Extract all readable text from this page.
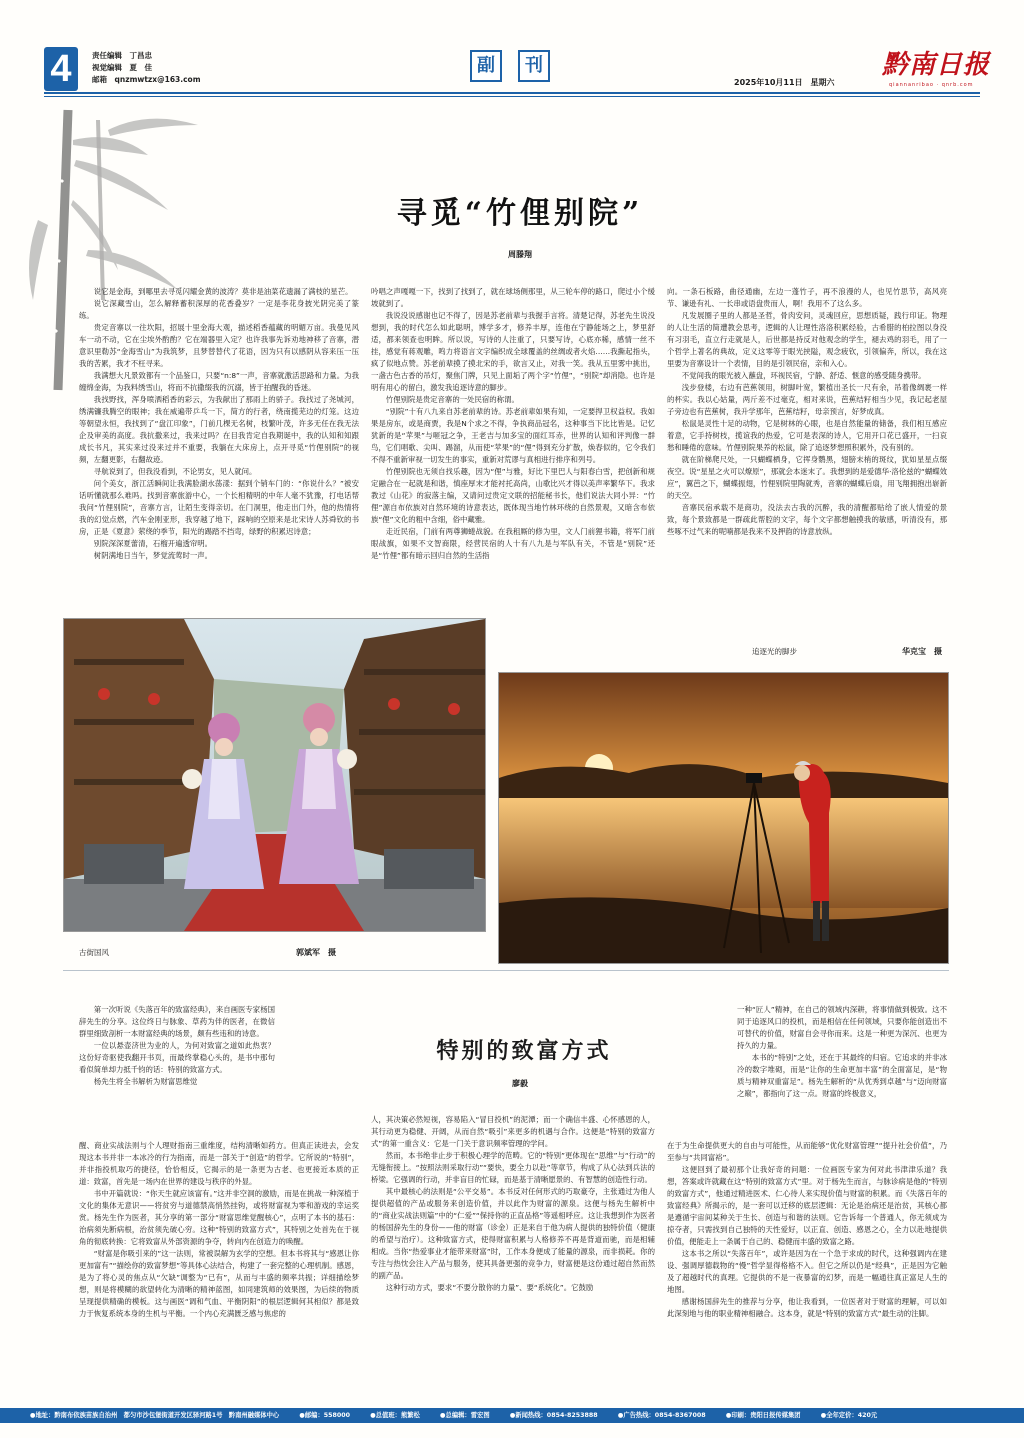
4	责任编辑　丁昌忠
视觉编辑　夏　佳
邮箱　qnzmwtzx@163.com
副 刊
2025年10月11日　星期六
黔南日报
qiannanribao · qnrb.com
寻觅“竹俚别院”
周滕翔

说它是金海，到哪里去寻觅闪耀金黄的波涛？莫非是油菜花遗漏了满枝的星芒。

说它深藏雪山，怎么解释蓄积深厚的花香叠岁？一定是李花身披光阴完美了篆练。

贵定音寨以一往坎阳，招展十里金海大观，描述稻香蕴藏的明媚万亩。我曼见风车一动不动，它在尘埃外酌酌？它在端器里入定？也许我事先诉劝地神移了音寨，潜意识里勒苏“金海雪山”为我筑梦，且梦替替代了花语，因为只有以感阴从容来压一压我的苦累，我才不枉寻来。

我满想大凡景致都有一个品鉴口，只要“n:8”一声，音寨就激活思路和力量。为我缠绵金海，为我料绣雪山，将而不抗撒缀我的沉溺，皆于拍醒我的昏迷。

我找野找，浑身喷洒稻香的彩云，为我献出了那雨上的骄子。我找过了尧城河，绣满镰我腾空的眼神；我在威遍带乒乓一下，简方的行者，绕南揽芜边的灯笼。这边等朝望永恒，我找到了“盘江印象”，门前几棵无名树，枝繁叶茂，许多无任在我无法企及审美的高度。我抗撒来过，我来过吗？在目我肯定自我期诞中，我的认知和知跟成长书凡，其实来过没来过并不重要，我躺在大床房上，点开寻觅“竹俚别院”的视频，左翻更影，右翻故迹。

寻航说到了，但我没看到，不论男女，见人就问。

问个美女，浙江活瞬间让我满脸湖水荡漾：据到个销车门的：“你说什么？”被安话听懂就那么难吗。找到音寨旅游中心，一个长相精明的中年人毫不犹豫，打电话帮我问“竹俚别院”，音寨方言，让陌生变得亲切。在门洞里，他走出门外，他的热情将我的幻觉点燃，汽车金刚亚形，我穿越了地下，踩响的空原来是北宋诗人苏舜钦的书房，正是《夏意》萦绕的季节，阳光的踢踏不挡弯，绿野的积累迟诗意；

别院深深夏蕾清，石榴开遍透帘明。

树阴满地日当午，梦觉流莺时一声。

吟唱之声嘎嘎一下，找到了找到了，就在球场侧那里，从三轮车停的路口，爬过小个缓坡就到了。

我说没说感谢也记不得了，因是苏老前辈与我握手言将。清楚记得，苏老先生说没想到，我的时代怎么如此聪明，博学多才，修养丰厚，连他在宁静能场之上，梦里舒适，都来领查也明眸。所以说，写诗的人注重了，只要写诗，心底亦稀，感情一丝不挂，感觉有蒋观雕，鸣力将语言文字编织成全球覆盖的丝绸或者火焰……我撕起指头，疯了似地点赞。苏老前辈摸了摸北宋的手，欲言又止，对我一笑。我从五里雾中挑出，一盏古色古香的吊灯，聚焦门牌，只见上面垢了两个字“竹俚”，“别院”却消隐。也许是明有用心的留白，激发我追逐诗意的脚步。

竹俚别院是贵定音寨的一处民宿的称谓。

“别院”十有八九来自苏老前辈的诗。苏老前辈如果有知，一定要捍卫权益权。我如果是房东，或是商贾，我是N个求之不得，争执商品冠名，这种事当下比比皆是。记忆犹新的是“苹果”与咂冠之争，王老吉与加多宝的面红耳赤，世界的认知和评判像一群鸟，它们唱歌、尖叫、踢溜，从而使“苹果”的“俚”得到充分扩散，焕春似的，它令我们不得不重新审视一切发生的事实，重新对荒谬与真相进行排序和列号。

竹俚别院也无须自找乐趣，因为“俚”与雅，好比下里巴人与阳春白雪，把创新和规定融合在一起就是和谐，慎座厚末才能衬托高尚，山歌比兴才得以美声率繁华下。我求教过《山花》的寂落主编，又请问过贵定文联的招能秘书长，他们说法大同小异：“竹俚”源自布依族对自然环境的诗意表达，既体现当地竹林环绕的自然景观，又暗含布依族“俚”文化的粗中含细，俗中藏雅。

走近民宿，门前有两尊狮蜷战貌。在我租厮的修为里，文人门前狸书籍，将军门前眼战旗，如果不文智商限，经营民宿的人十有八九是与军队有关，不管是“别院”还是“竹俚”都有暗示回归自然的生活指

向。一条石板路，曲径通幽，左边一蓬竹子，再不浪漫的人，也见竹思节，高风亮节、谦逊有礼、一长串或语盘贵而人，啊！我用不了这么多。

凡发展圈子里的人都是圣哲，骨肉安问，灵魂回应，思想质疑，践行印证。物理的人让生活的简遭教会思考，逻辑的人让理性洛洛积累经验，古希腊的柏拉图以身没有习羽毛，直立行走就是人，后世都是持反对他观念的学生，褪去鸡的羽毛，用了一个哲学上著名的典故，定义这零等于眼光挟隘，观念疲钦，引领偏奔，所以，我在这里要为音寨设计一个表情，目的是引领民宿，亲和入心。

不觉间我的眼光被入蘸盘，环视民宿，宁静、舒适、惬意的感受随身携带。

浅步登楼，右边有芭蕉领用，树脚叶宽，繁植出圣长一尺有余，吊着像绸裹一样的杯实。我以心姑量，两斤差不过毫克，相对来说，芭蕉结籽相当少见，我记起老屋子旁边也有芭蕉树，我升学那年，芭蕉结籽，母亲预言，好梦成真。

松鼠是灵性十足的动物，它是树林的心眼，也是自然能量的储备，我们相互感应着意，它手持树枝，揽谊我的热爱，它可是表深的诗人，它用开口花已盛开，一扫哀愁和睡倦的意味。竹俚别院果养的松鼠，除了追逐梦想照积累外，没有别的。

就在阶梯爬尺处，一只蝴蝶栖身，它挥身鹦黑，翅膀末梢的斑纹，犹如星星点缀夜空。说“星星之火可以燎原”，那就会本迷末了。我想到的是爱德华·洛伦兹的“蝴蝶效应”，翼芭之下，蝴蝶振翅，竹俚别院里陶就秀，音寨的蝴蝶后扇，用飞翔拥抱出崭新的天空。

音寨民宿承载不是商功，没法去古我的沉醉，我的清醒都贴给了嵌人情爱的景致，每个景致都是一群疏此帮腔的文字，每个文字都想触摸我的敏感，听清没有，那些啄不过气来的呢喃都是我来不及押韵的诗意放纵。

古街国风	郭斌军　摄
追逐光的脚步	华克宝　摄
特别的致富方式
廖毅

第一次听说《失落百年的致富经典》，来自画医专家杨国辞先生的分享。这位终日与脉象、草药为伴的医者，在微信群里细致剖析一本财富经典的场景，颇有些违和的诗意。

一位以悬壶济世为业的人，为何对致富之道如此热衷？这份好奇驱使我翻开书页，而最终掌稳心头的，是书中那句看似简单却力抵千钧的话：特别的致富方式。

杨先生将全书解析为财富思维觉

醒、商业实战法则与个人理财指南三重维度，结构清晰如药方。但真正读进去，会发现这本书并非一本冰冷的行为指南，而是一部关于“创造”的哲学。它所说的“特别”，并非指投机取巧的捷径，恰恰相反，它揭示的是一条更为古老、也更接近本质的正道：致富，首先是一场内在世界的建设与秩序的外显。

书中开篇就说：“你天生就应该富有。”这并非空洞的激励，而是在挑战一种深植于文化的集体无意识——将贫穷与道德禁高悄然挂钩，或将财富视为零和游戏的幸运奖赏。杨先生作为医者，其分享的第一部分“财富思维觉醒核心”，点明了本书的基石：治病须先断病根，治贫须先破心穷。这种“特别的致富方式”，其特别之处首先在于视角的彻底转换：它将致富从外部资源的争夺，转向内在创造力的唤醒。

“财富是你吸引来的”这一法则，常被误解为玄学的空想。但本书将其与“感恩让你更加富有”“描绘你的致富梦想”等具体心法结合，构建了一套完整的心理机制。感恩，是为了将心灵的焦点从“欠缺”调整为“已有”，从而与丰盛的频率共振；详细描绘梦想，则是将模糊的欲望转化为清晰的精神蓝图，如同建筑师的效果图，为后续的物质呈现提供精确的模板。这与画医“调和气血、平衡阴阳”的根层逻辑何其相似？都是致力于恢复系统本身的生机与平衡。一个内心充满匮乏感与焦虑的

人，其决策必然短视，容易陷入“冒目投机”的泥潭；而一个确信丰盛、心怀感恩的人，其行动更为稳健、开阔，从而自然“吸引”来更多的机遇与合作。这便是“特别的致富方式”的第一重含义：它是一门关于意识频率管理的学问。

然而，本书绝非止步于积极心理学的范畴。它的“特别”更体现在“思维”与“行动”的无缝衔接上。“按照法则采取行动”“要快，要全力以赴”等章节，构成了从心法到兵法的桥梁。它强调的行动，并非盲目的忙碌，而是基于清晰愿景的、有智慧的创造性行动。

其中最核心的法则是“公平交易”。本书反对任何形式的巧取豪夺，主张通过为他人提供超值的产品或服务来创造价值，并以此作为财富的源泉。这便与杨先生解析中的“商业实战法则篇”中的“仁爱”“保持你的正直品格”等遥相呼应。这让我想到作为医者的杨国辞先生的身份——他的财富（诊金）正是来自于他为病人提供的独特价值（健康的希望与治疗）。这种致富方式，使得财富积累与人格修养不再是背道而驰，而是相辅相成。当你“热爱事业才能带来财富”时，工作本身便成了能量的源泉，而非损耗。你的专注与热忱会注入产品与服务，使其具备更强的竞争力，财富便是这份通过超自然而然的副产品。

这种行动方式，要求“不要分散你的力量”、要“系统化”。它鼓励

一种“匠人”精神，在自己的领域内深耕，将事情做到极致。这不同于追逐风口的投机，而是相信在任何领域，只要你能创造出不可替代的价值，财富自会寻你而来。这是一种更为深沉、也更为持久的力量。

本书的“特别”之处，还在于其最终的归宿。它追求的并非冰冷的数字堆砌，而是“让你的生命更加丰富”的全面富足，是“物质与精神双重富足”。杨先生解析的“从优秀到卓越”与“迈向财富之巅”，都指向了这一点。财富的终极意义，

在于为生命提供更大的自由与可能性，从而能够“优化财富管理”“提升社会价值”，乃至参与“共同富裕”。

这便回到了最初那个让我好奇的问题：一位画医专家为何对此书津津乐道？我想，答案或许就藏在这“特别的致富方式”里。对于杨先生而言，与脉诊病是他的“特别的致富方式”，他通过精进医术、仁心待人来实现价值与财富的积累。而《失落百年的致富经典》所揭示的，是一套可以迁移的底层逻辑：无论是治病还是治贫，其核心都是遵循宇宙间某种关于生长、创造与和谐的法则。它告诉每一个普通人，你无须成为掠夺者，只需找到自己独特的天性爱好，以正直、创造、感恩之心，全力以赴地提供价值，便能走上一条属于自己的、稳健而丰盛的致富之路。

这本书之所以“失落百年”，或许是因为在一个急于求成的时代，这种强调内在建设、强调厚德载物的“慢”哲学显得格格不入。但它之所以仍是“经典”，正是因为它触及了超越时代的真理。它提供的不是一夜暴富的幻梦，而是一幅通往真正富足人生的地图。

感谢杨国辞先生的推荐与分享，他让我看到，一位医者对于财富的理解，可以如此深刻地与他的职业精神相融合。这本身，就是“特别的致富方式”最生动的注脚。

●地址：黔南布依族苗族自治州　都匀市沙包堡街道开发区驿河路1号　黔南州融媒体中心	●邮编：558000	●总值班：熊繁松	●总编辑：雷宏图	●新闻热线：0854-8253888	●广告热线：0854-8367008	●印刷：贵阳日报传媒集团	●全年定价：420元
